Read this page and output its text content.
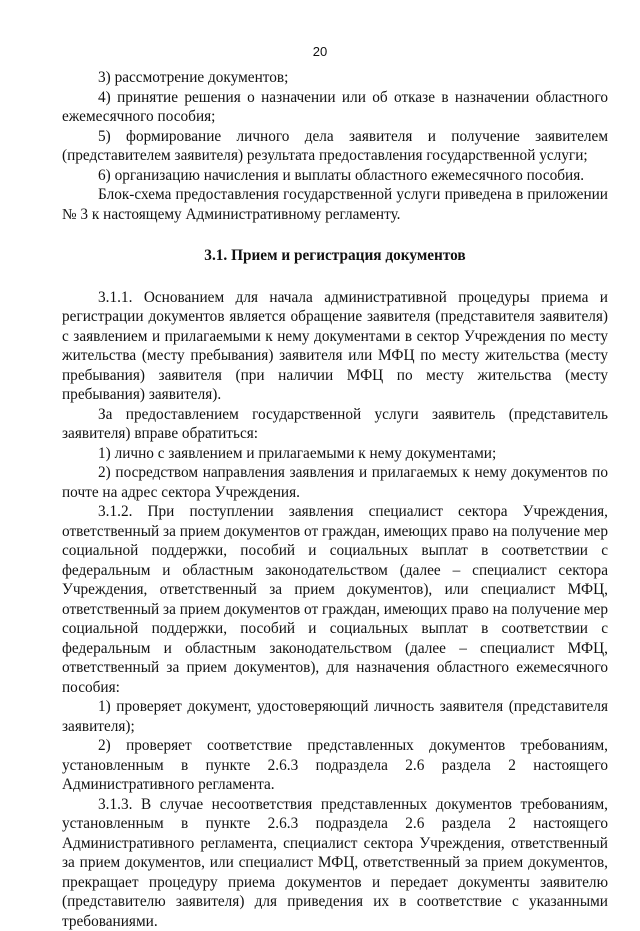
20

3) рассмотрение документов;

4) принятие решения о назначении или об отказе в назначении областного ежемесячного пособия;

5) формирование личного дела заявителя и получение заявителем (представителем заявителя) результата предоставления государственной услуги;

6) организацию начисления и выплаты областного ежемесячного пособия.

Блок-схема предоставления государственной услуги приведена в приложении № 3 к настоящему Административному регламенту.

3.1. Прием и регистрация документов

3.1.1. Основанием для начала административной процедуры приема и регистрации документов является обращение заявителя (представителя заявителя) с заявлением и прилагаемыми к нему документами в сектор Учреждения по месту жительства (месту пребывания) заявителя или МФЦ по месту жительства (месту пребывания) заявителя (при наличии МФЦ по месту жительства (месту пребывания) заявителя).

За предоставлением государственной услуги заявитель (представитель заявителя) вправе обратиться:

1) лично с заявлением и прилагаемыми к нему документами;

2) посредством направления заявления и прилагаемых к нему документов по почте на адрес сектора Учреждения.

3.1.2. При поступлении заявления специалист сектора Учреждения, ответственный за прием документов от граждан, имеющих право на получение мер социальной поддержки, пособий и социальных выплат в соответствии с федеральным и областным законодательством (далее – специалист сектора Учреждения, ответственный за прием документов), или специалист МФЦ, ответственный за прием документов от граждан, имеющих право на получение мер социальной поддержки, пособий и социальных выплат в соответствии с федеральным и областным законодательством (далее – специалист МФЦ, ответственный за прием документов), для назначения областного ежемесячного пособия:

1) проверяет документ, удостоверяющий личность заявителя (представителя заявителя);

2) проверяет соответствие представленных документов требованиям, установленным в пункте 2.6.3 подраздела 2.6 раздела 2 настоящего Административного регламента.

3.1.3. В случае несоответствия представленных документов требованиям, установленным в пункте 2.6.3 подраздела 2.6 раздела 2 настоящего Административного регламента, специалист сектора Учреждения, ответственный за прием документов, или специалист МФЦ, ответственный за прием документов, прекращает процедуру приема документов и передает документы заявителю (представителю заявителя) для приведения их в соответствие с указанными требованиями.
